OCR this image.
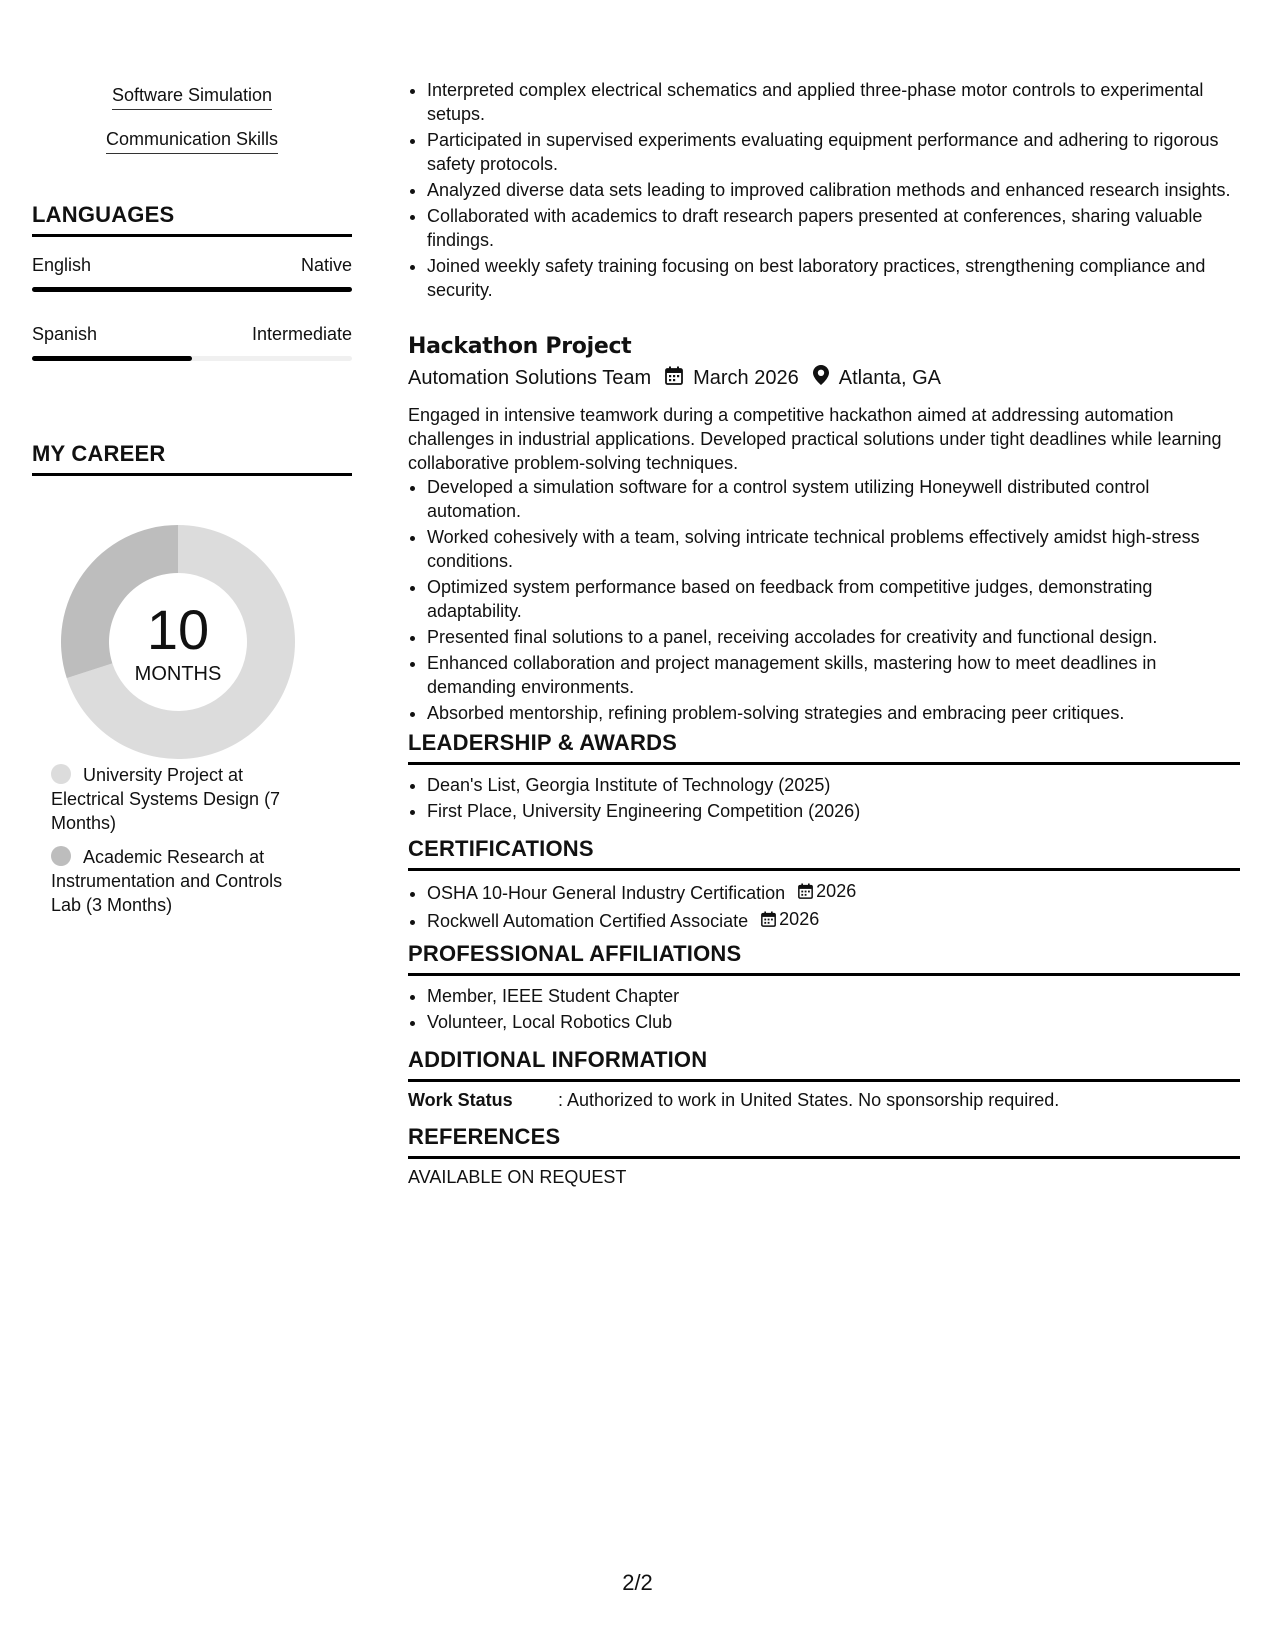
Software Simulation
Communication Skills
LANGUAGES
English	Native
Spanish	Intermediate
MY CAREER
10
MONTHS
University Project at Electrical Systems Design (7 Months)
Academic Research at Instrumentation and Controls Lab (3 Months)
• Interpreted complex electrical schematics and applied three-phase motor controls to experimental setups.
• Participated in supervised experiments evaluating equipment performance and adhering to rigorous safety protocols.
• Analyzed diverse data sets leading to improved calibration methods and enhanced research insights.
• Collaborated with academics to draft research papers presented at conferences, sharing valuable findings.
• Joined weekly safety training focusing on best laboratory practices, strengthening compliance and security.
Hackathon Project
Automation Solutions Team March 2026 Atlanta, GA
Engaged in intensive teamwork during a competitive hackathon aimed at addressing automation challenges in industrial applications. Developed practical solutions under tight deadlines while learning collaborative problem-solving techniques.
• Developed a simulation software for a control system utilizing Honeywell distributed control automation.
• Worked cohesively with a team, solving intricate technical problems effectively amidst high-stress conditions.
• Optimized system performance based on feedback from competitive judges, demonstrating adaptability.
• Presented final solutions to a panel, receiving accolades for creativity and functional design.
• Enhanced collaboration and project management skills, mastering how to meet deadlines in demanding environments.
• Absorbed mentorship, refining problem-solving strategies and embracing peer critiques.
LEADERSHIP & AWARDS
• Dean's List, Georgia Institute of Technology (2025)
• First Place, University Engineering Competition (2026)
CERTIFICATIONS
• OSHA 10-Hour General Industry Certification 2026
• Rockwell Automation Certified Associate 2026
PROFESSIONAL AFFILIATIONS
• Member, IEEE Student Chapter
• Volunteer, Local Robotics Club
ADDITIONAL INFORMATION
Work Status	: Authorized to work in United States. No sponsorship required.
REFERENCES
AVAILABLE ON REQUEST
2/2
